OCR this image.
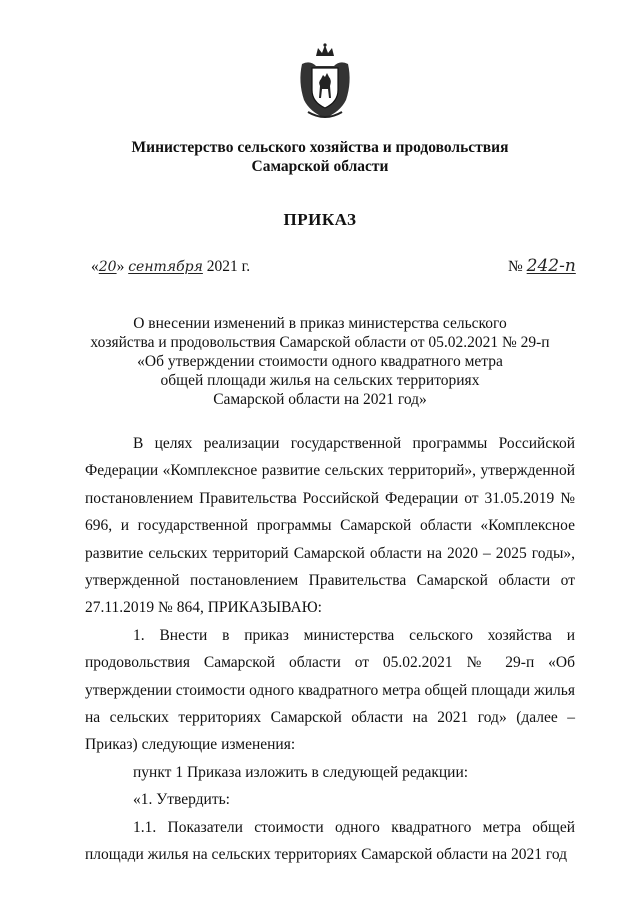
Министерство сельского хозяйства и продовольствия
Самарской области
ПРИКАЗ
«20» сентября 2021 г.	№ 242-п
О внесении изменений в приказ министерства сельского
хозяйства и продовольствия Самарской области от 05.02.2021 № 29-п
«Об утверждении стоимости одного квадратного метра
общей площади жилья на сельских территориях
Самарской области на 2021 год»

В целях реализации государственной программы Российской Федерации «Комплексное развитие сельских территорий», утвержденной постановлением Правительства Российской Федерации от 31.05.2019 № 696, и государственной программы Самарской области «Комплексное развитие сельских территорий Самарской области на 2020 – 2025 годы», утвержденной постановлением Правительства Самарской области от 27.11.2019 № 864, ПРИКАЗЫВАЮ:

1. Внести в приказ министерства сельского хозяйства и продовольствия Самарской области от 05.02.2021 № 29-п «Об утверждении стоимости одного квадратного метра общей площади жилья на сельских территориях Самарской области на 2021 год» (далее – Приказ) следующие изменения:

пункт 1 Приказа изложить в следующей редакции:

«1. Утвердить:

1.1. Показатели стоимости одного квадратного метра общей площади жилья на сельских территориях Самарской области на 2021 год
